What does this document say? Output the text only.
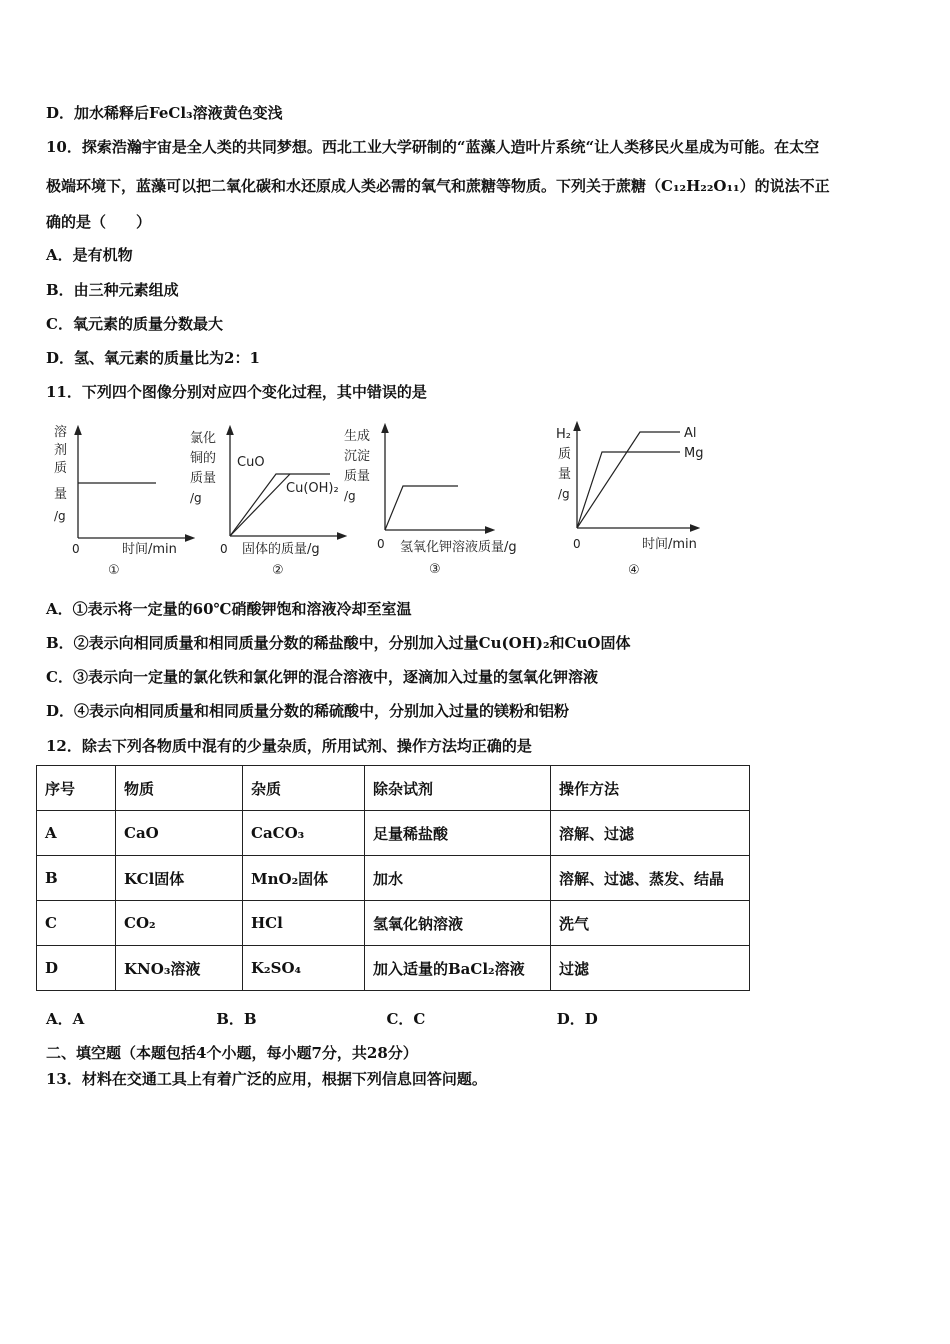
D．加水稀释后FeCl₃溶液黄色变浅
10．探索浩瀚宇宙是全人类的共同梦想。西北工业大学研制的“蓝藻人造叶片系统“让人类移民火星成为可能。在太空
极端环境下，蓝藻可以把二氧化碳和水还原成人类必需的氧气和蔗糖等物质。下列关于蔗糖（C₁₂H₂₂O₁₁）的说法不正
确的是（　　）
A．是有机物
B．由三种元素组成
C．氧元素的质量分数最大
D．氢、氧元素的质量比为2：1
11．下列四个图像分别对应四个变化过程，其中错误的是
溶
剂
质
量
/g
0	时间/min
①
氯化
铜的
质量
/g
CuO
Cu(OH)₂
0 固体的质量/g
②
生成
沉淀
质量
/g
0 氢氧化钾溶液质量/g
③
H₂
质
量
/g
Al
Mg
0	时间/min
④
A．①表示将一定量的60℃硝酸钾饱和溶液冷却至室温
B．②表示向相同质量和相同质量分数的稀盐酸中，分别加入过量Cu(OH)₂和CuO固体
C．③表示向一定量的氯化铁和氯化钾的混合溶液中，逐滴加入过量的氢氧化钾溶液
D．④表示向相同质量和相同质量分数的稀硫酸中，分别加入过量的镁粉和铝粉
12．除去下列各物质中混有的少量杂质，所用试剂、操作方法均正确的是
序号	物质	杂质	除杂试剂	操作方法
A	CaO	CaCO₃	足量稀盐酸	溶解、过滤
B	KCl固体	MnO₂固体	加水	溶解、过滤、蒸发、结晶
C	CO₂	HCl	氢氧化钠溶液	洗气
D	KNO₃溶液	K₂SO₄	加入适量的BaCl₂溶液	过滤
A．A	B．B	C．C	D．D
二、填空题（本题包括4个小题，每小题7分，共28分）
13．材料在交通工具上有着广泛的应用，根据下列信息回答问题。
